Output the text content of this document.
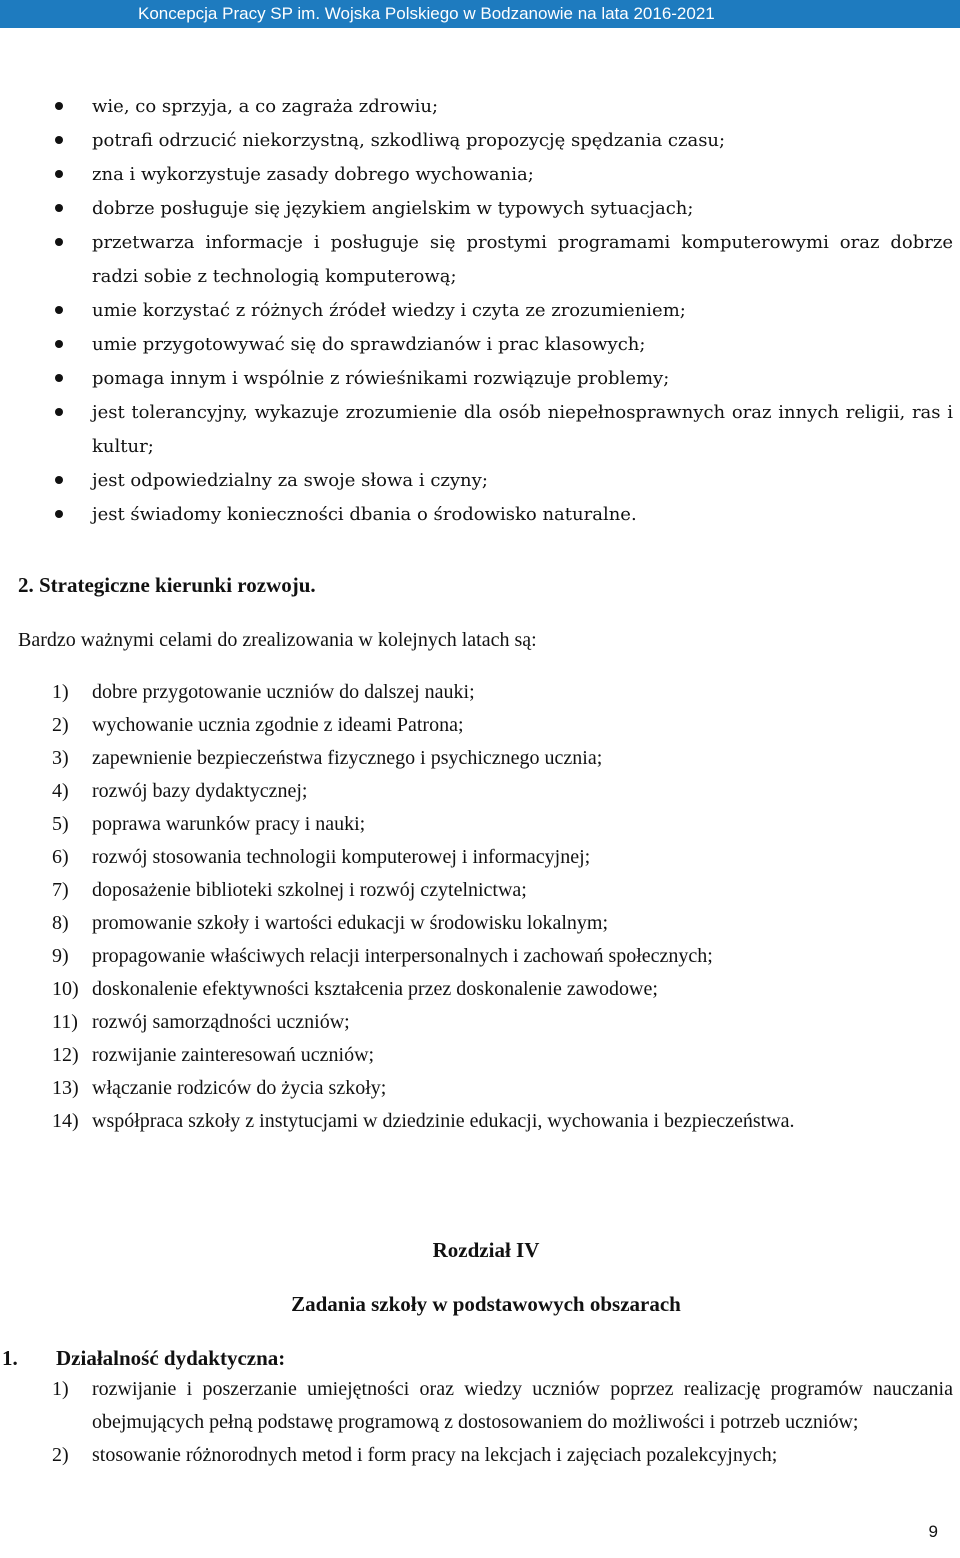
Koncepcja Pracy SP im. Wojska Polskiego w Bodzanowie na lata 2016-2021
wie, co sprzyja, a co zagraża zdrowiu;
potrafi odrzucić niekorzystną, szkodliwą propozycję spędzania czasu;
zna i wykorzystuje zasady dobrego wychowania;
dobrze posługuje się językiem angielskim w typowych sytuacjach;
przetwarza informacje i posługuje się prostymi programami komputerowymi oraz dobrze radzi sobie z technologią komputerową;
umie korzystać z różnych źródeł wiedzy i czyta ze zrozumieniem;
umie przygotowywać się do sprawdzianów i prac klasowych;
pomaga innym i wspólnie z rówieśnikami rozwiązuje problemy;
jest tolerancyjny, wykazuje zrozumienie dla osób niepełnosprawnych oraz innych religii, ras i kultur;
jest odpowiedzialny za swoje słowa i czyny;
jest świadomy konieczności dbania o środowisko naturalne.
2. Strategiczne kierunki rozwoju.

Bardzo ważnymi celami do zrealizowania w kolejnych latach są:

1) dobre przygotowanie uczniów do dalszej nauki;
2) wychowanie ucznia zgodnie z ideami Patrona;
3) zapewnienie bezpieczeństwa fizycznego i psychicznego ucznia;
4) rozwój bazy dydaktycznej;
5) poprawa warunków pracy i nauki;
6) rozwój stosowania technologii komputerowej i informacyjnej;
7) doposażenie biblioteki szkolnej i rozwój czytelnictwa;
8) promowanie szkoły i wartości edukacji w środowisku lokalnym;
9) propagowanie właściwych relacji interpersonalnych i zachowań społecznych;
10) doskonalenie efektywności kształcenia przez doskonalenie zawodowe;
11) rozwój samorządności uczniów;
12) rozwijanie zainteresowań uczniów;
13) włączanie rodziców do życia szkoły;
14) współpraca szkoły z instytucjami w dziedzinie edukacji, wychowania i bezpieczeństwa.
Rozdział IV
Zadania szkoły w podstawowych obszarach
1. Działalność dydaktyczna:
1) rozwijanie i poszerzanie umiejętności oraz wiedzy uczniów poprzez realizację programów nauczania obejmujących pełną podstawę programową z dostosowaniem do możliwości i potrzeb uczniów;
2) stosowanie różnorodnych metod i form pracy na lekcjach i zajęciach pozalekcyjnych;
9
